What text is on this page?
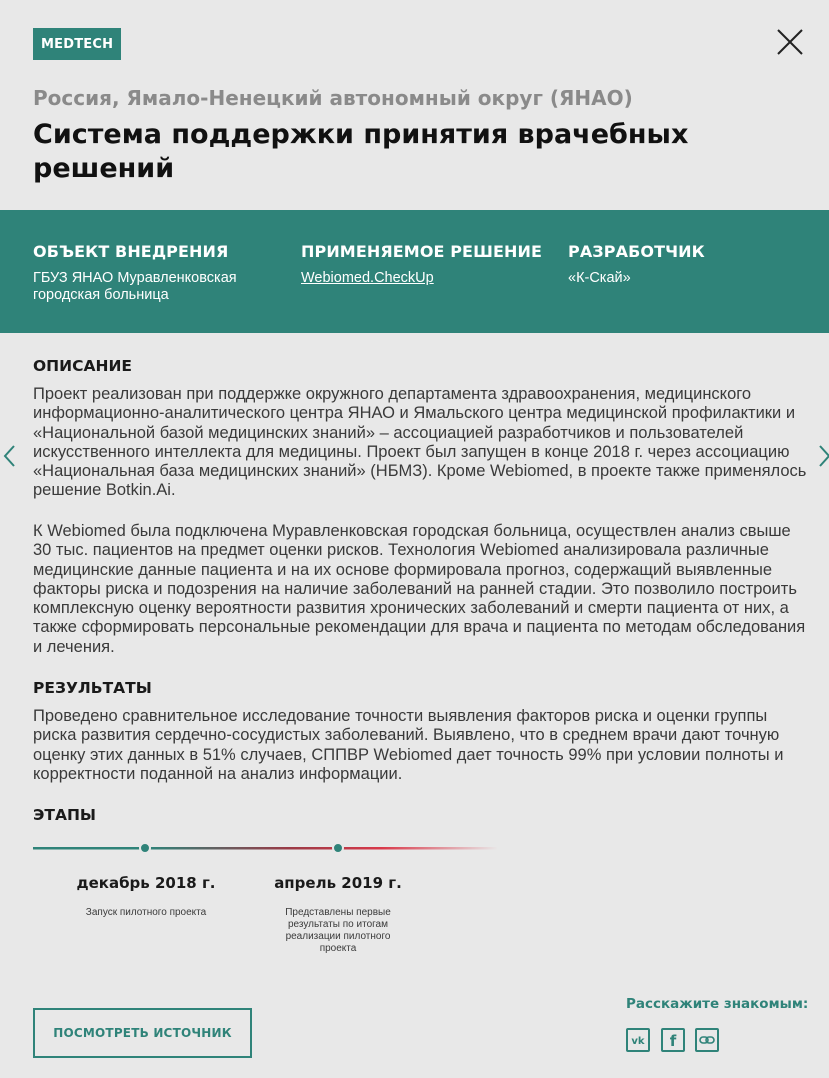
MEDTECH
Россия, Ямало-Ненецкий автономный округ (ЯНАО)
Система поддержки принятия врачебных решений
ОБЪЕКТ ВНЕДРЕНИЯ
ГБУЗ ЯНАО Муравленковская городская больница
ПРИМЕНЯЕМОЕ РЕШЕНИЕ
Webiomed.CheckUp
РАЗРАБОТЧИК
«К-Скай»
ОПИСАНИЕ

Проект реализован при поддержке окружного департамента здравоохранения, медицинского информационно-аналитического центра ЯНАО и Ямальского центра медицинской профилактики и «Национальной базой медицинских знаний» – ассоциацией разработчиков и пользователей искусственного интеллекта для медицины. Проект был запущен в конце 2018 г. через ассоциацию «Национальная база медицинских знаний» (НБМЗ). Кроме Webiomed, в проекте также применялось решение Botkin.Ai.

К Webiomed была подключена Муравленковская городская больница, осуществлен анализ свыше 30 тыс. пациентов на предмет оценки рисков. Технология Webiomed анализировала различные медицинские данные пациента и на их основе формировала прогноз, содержащий выявленные факторы риска и подозрения на наличие заболеваний на ранней стадии. Это позволило построить комплексную оценку вероятности развития хронических заболеваний и смерти пациента от них, а также сформировать персональные рекомендации для врача и пациента по методам обследования и лечения.

РЕЗУЛЬТАТЫ

Проведено сравнительное исследование точности выявления факторов риска и оценки группы риска развития сердечно-сосудистых заболеваний. Выявлено, что в среднем врачи дают точную оценку этих данных в 51% случаев, СППВР Webiomed дает точность 99% при условии полноты и корректности поданной на анализ информации.

ЭТАПЫ
декабрь 2018 г.
Запуск пилотного проекта
апрель 2019 г.
Представлены первые результаты по итогам реализации пилотного проекта
ПОСМОТРЕТЬ ИСТОЧНИК
Расскажите знакомым:
vk f
